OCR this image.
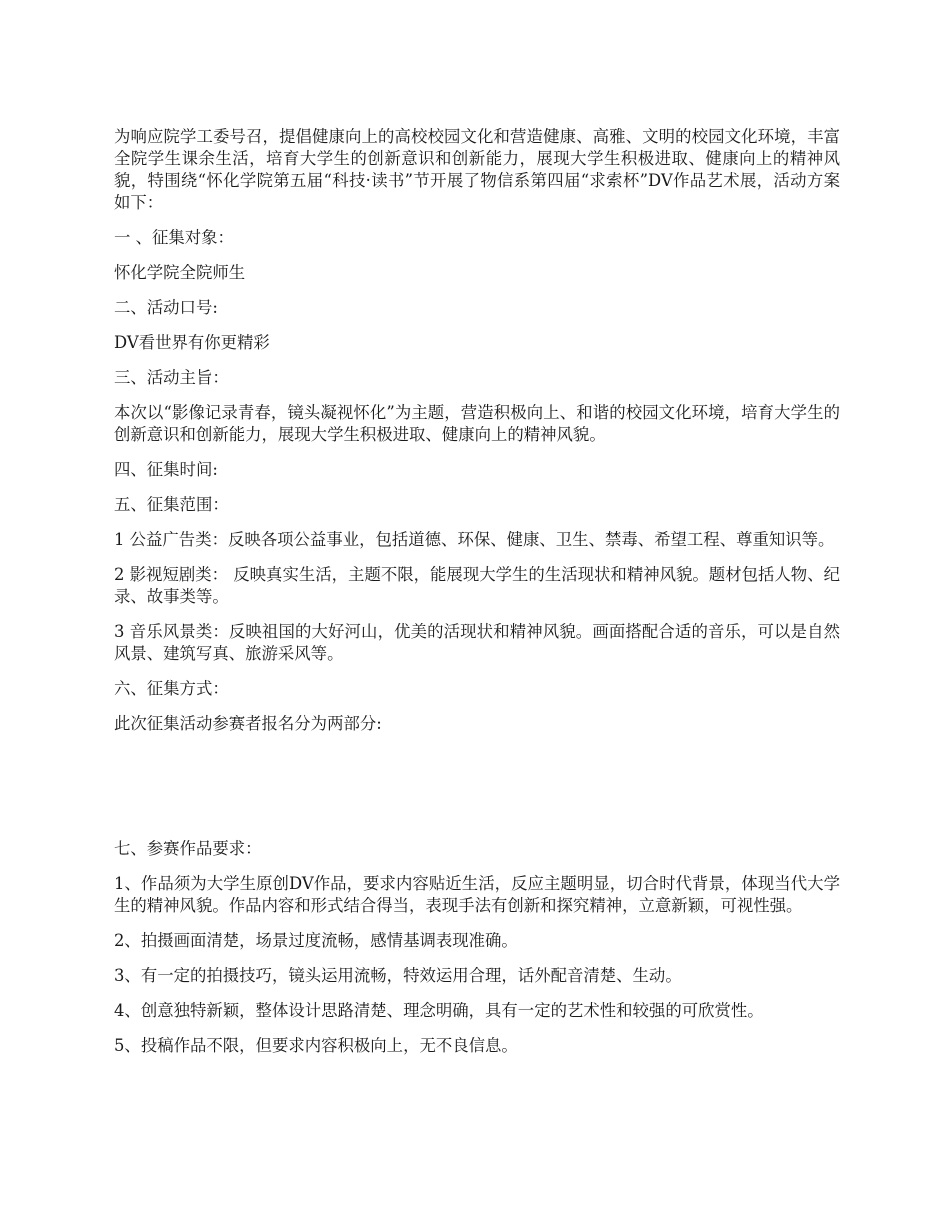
为响应院学工委号召，提倡健康向上的高校校园文化和营造健康、高雅、文明的校园文化环境，丰富全院学生课余生活，培育大学生的创新意识和创新能力，展现大学生积极进取、健康向上的精神风貌，特围绕“怀化学院第五届“科技·读书”节开展了物信系第四届“求索杯”DV作品艺术展，活动方案如下：

一 、征集对象：

怀化学院全院师生

二、活动口号:

DV看世界有你更精彩

三、活动主旨：

本次以“影像记录青春，镜头凝视怀化”为主题，营造积极向上、和谐的校园文化环境，培育大学生的创新意识和创新能力，展现大学生积极进取、健康向上的精神风貌。

四、征集时间:

五、征集范围：

1 公益广告类：反映各项公益事业，包括道德、环保、健康、卫生、禁毒、希望工程、尊重知识等。

2 影视短剧类： 反映真实生活，主题不限，能展现大学生的生活现状和精神风貌。题材包括人物、纪录、故事类等。

3 音乐风景类：反映祖国的大好河山，优美的活现状和精神风貌。画面搭配合适的音乐，可以是自然风景、建筑写真、旅游采风等。

六、征集方式：

此次征集活动参赛者报名分为两部分:

七、参赛作品要求：

1、作品须为大学生原创DV作品，要求内容贴近生活，反应主题明显，切合时代背景，体现当代大学生的精神风貌。作品内容和形式结合得当，表现手法有创新和探究精神，立意新颖，可视性强。

2、拍摄画面清楚，场景过度流畅，感情基调表现准确。

3、有一定的拍摄技巧，镜头运用流畅，特效运用合理，话外配音清楚、生动。

4、创意独特新颖，整体设计思路清楚、理念明确，具有一定的艺术性和较强的可欣赏性。

5、投稿作品不限，但要求内容积极向上，无不良信息。
